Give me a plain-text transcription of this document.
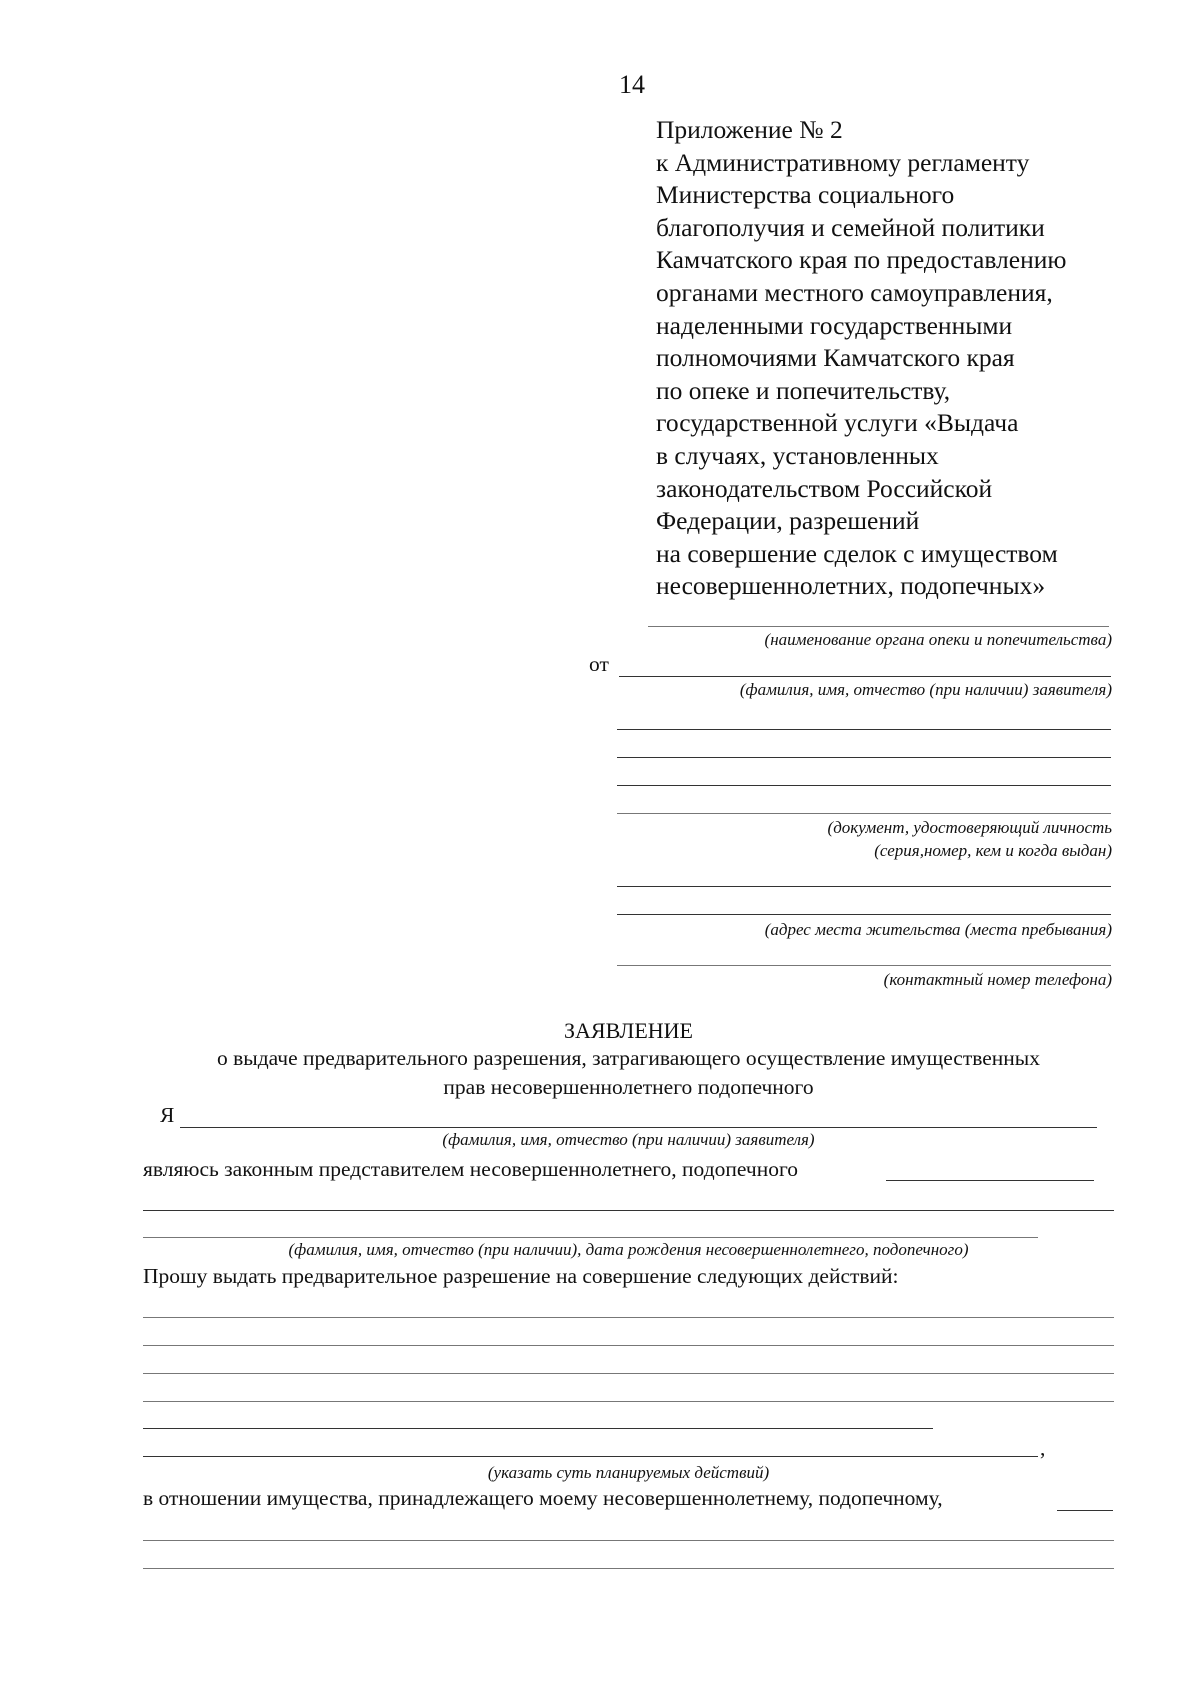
14
Приложение № 2
к Административному регламенту
Министерства социального
благополучия и семейной политики
Камчатского края по предоставлению
органами местного самоуправления,
наделенными государственными
полномочиями Камчатского края
по опеке и попечительству,
государственной услуги «Выдача
в случаях, установленных
законодательством Российской
Федерации, разрешений
на совершение сделок с имуществом
несовершеннолетних, подопечных»
(наименование органа опеки и попечительства)
от
(фамилия, имя, отчество (при наличии) заявителя)
(документ, удостоверяющий личность
(серия,номер, кем и когда выдан)
(адрес места жительства (места пребывания)
(контактный номер телефона)
ЗАЯВЛЕНИЕ
о выдаче предварительного разрешения, затрагивающего осуществление имущественных
прав несовершеннолетнего подопечного
Я
(фамилия, имя, отчество (при наличии) заявителя)
являюсь законным представителем несовершеннолетнего, подопечного
(фамилия, имя, отчество (при наличии), дата рождения несовершеннолетнего, подопечного)
Прошу выдать предварительное разрешение на совершение следующих действий:
,
(указать суть планируемых действий)
в отношении имущества, принадлежащего моему несовершеннолетнему, подопечному,
